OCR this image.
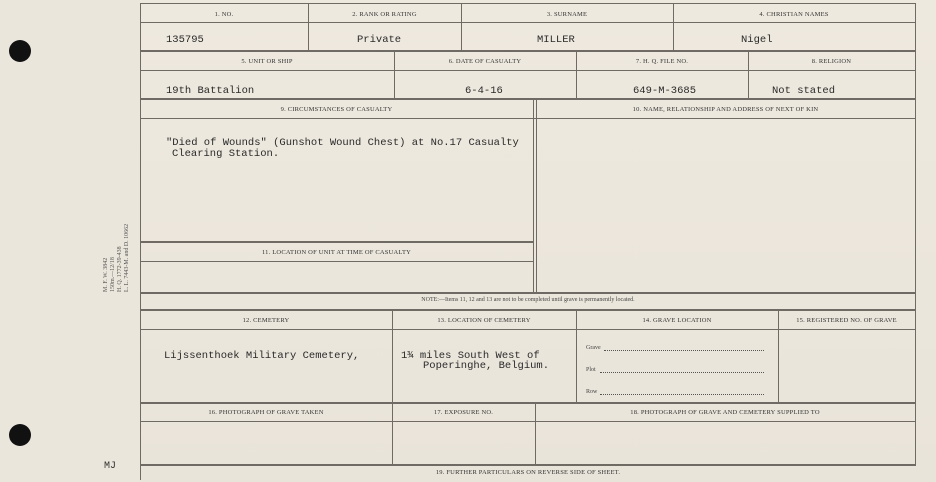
M. F. W. 3842 150m.—12/18 H. Q. 1772-39-438 L. L. 7443-M. and D. 10662
MJ
1. NO.	2. RANK OR RATING	3. SURNAME	4. CHRISTIAN NAMES
135795	Private	MILLER	Nigel
5. UNIT OR SHIP	6. DATE OF CASUALTY	7. H. Q. FILE NO.	8. RELIGION
19th Battalion	6-4-16	649-M-3685	Not stated
9. CIRCUMSTANCES OF CASUALTY	10. NAME, RELATIONSHIP AND ADDRESS OF NEXT OF KIN
"Died of Wounds" (Gunshot Wound Chest) at No.17 Casualty
Clearing Station.
11. LOCATION OF UNIT AT TIME OF CASUALTY
NOTE:—Items 11, 12 and 13 are not to be completed until grave is permanently located.
12. CEMETERY	13. LOCATION OF CEMETERY	14. GRAVE LOCATION	15. REGISTERED NO. OF GRAVE
Lijssenthoek Military Cemetery,	1¾ miles South West of
Poperinghe, Belgium.
Grave
Plot
Row
16. PHOTOGRAPH OF GRAVE TAKEN	17. EXPOSURE NO.	18. PHOTOGRAPH OF GRAVE AND CEMETERY SUPPLIED TO
19. FURTHER PARTICULARS ON REVERSE SIDE OF SHEET.
